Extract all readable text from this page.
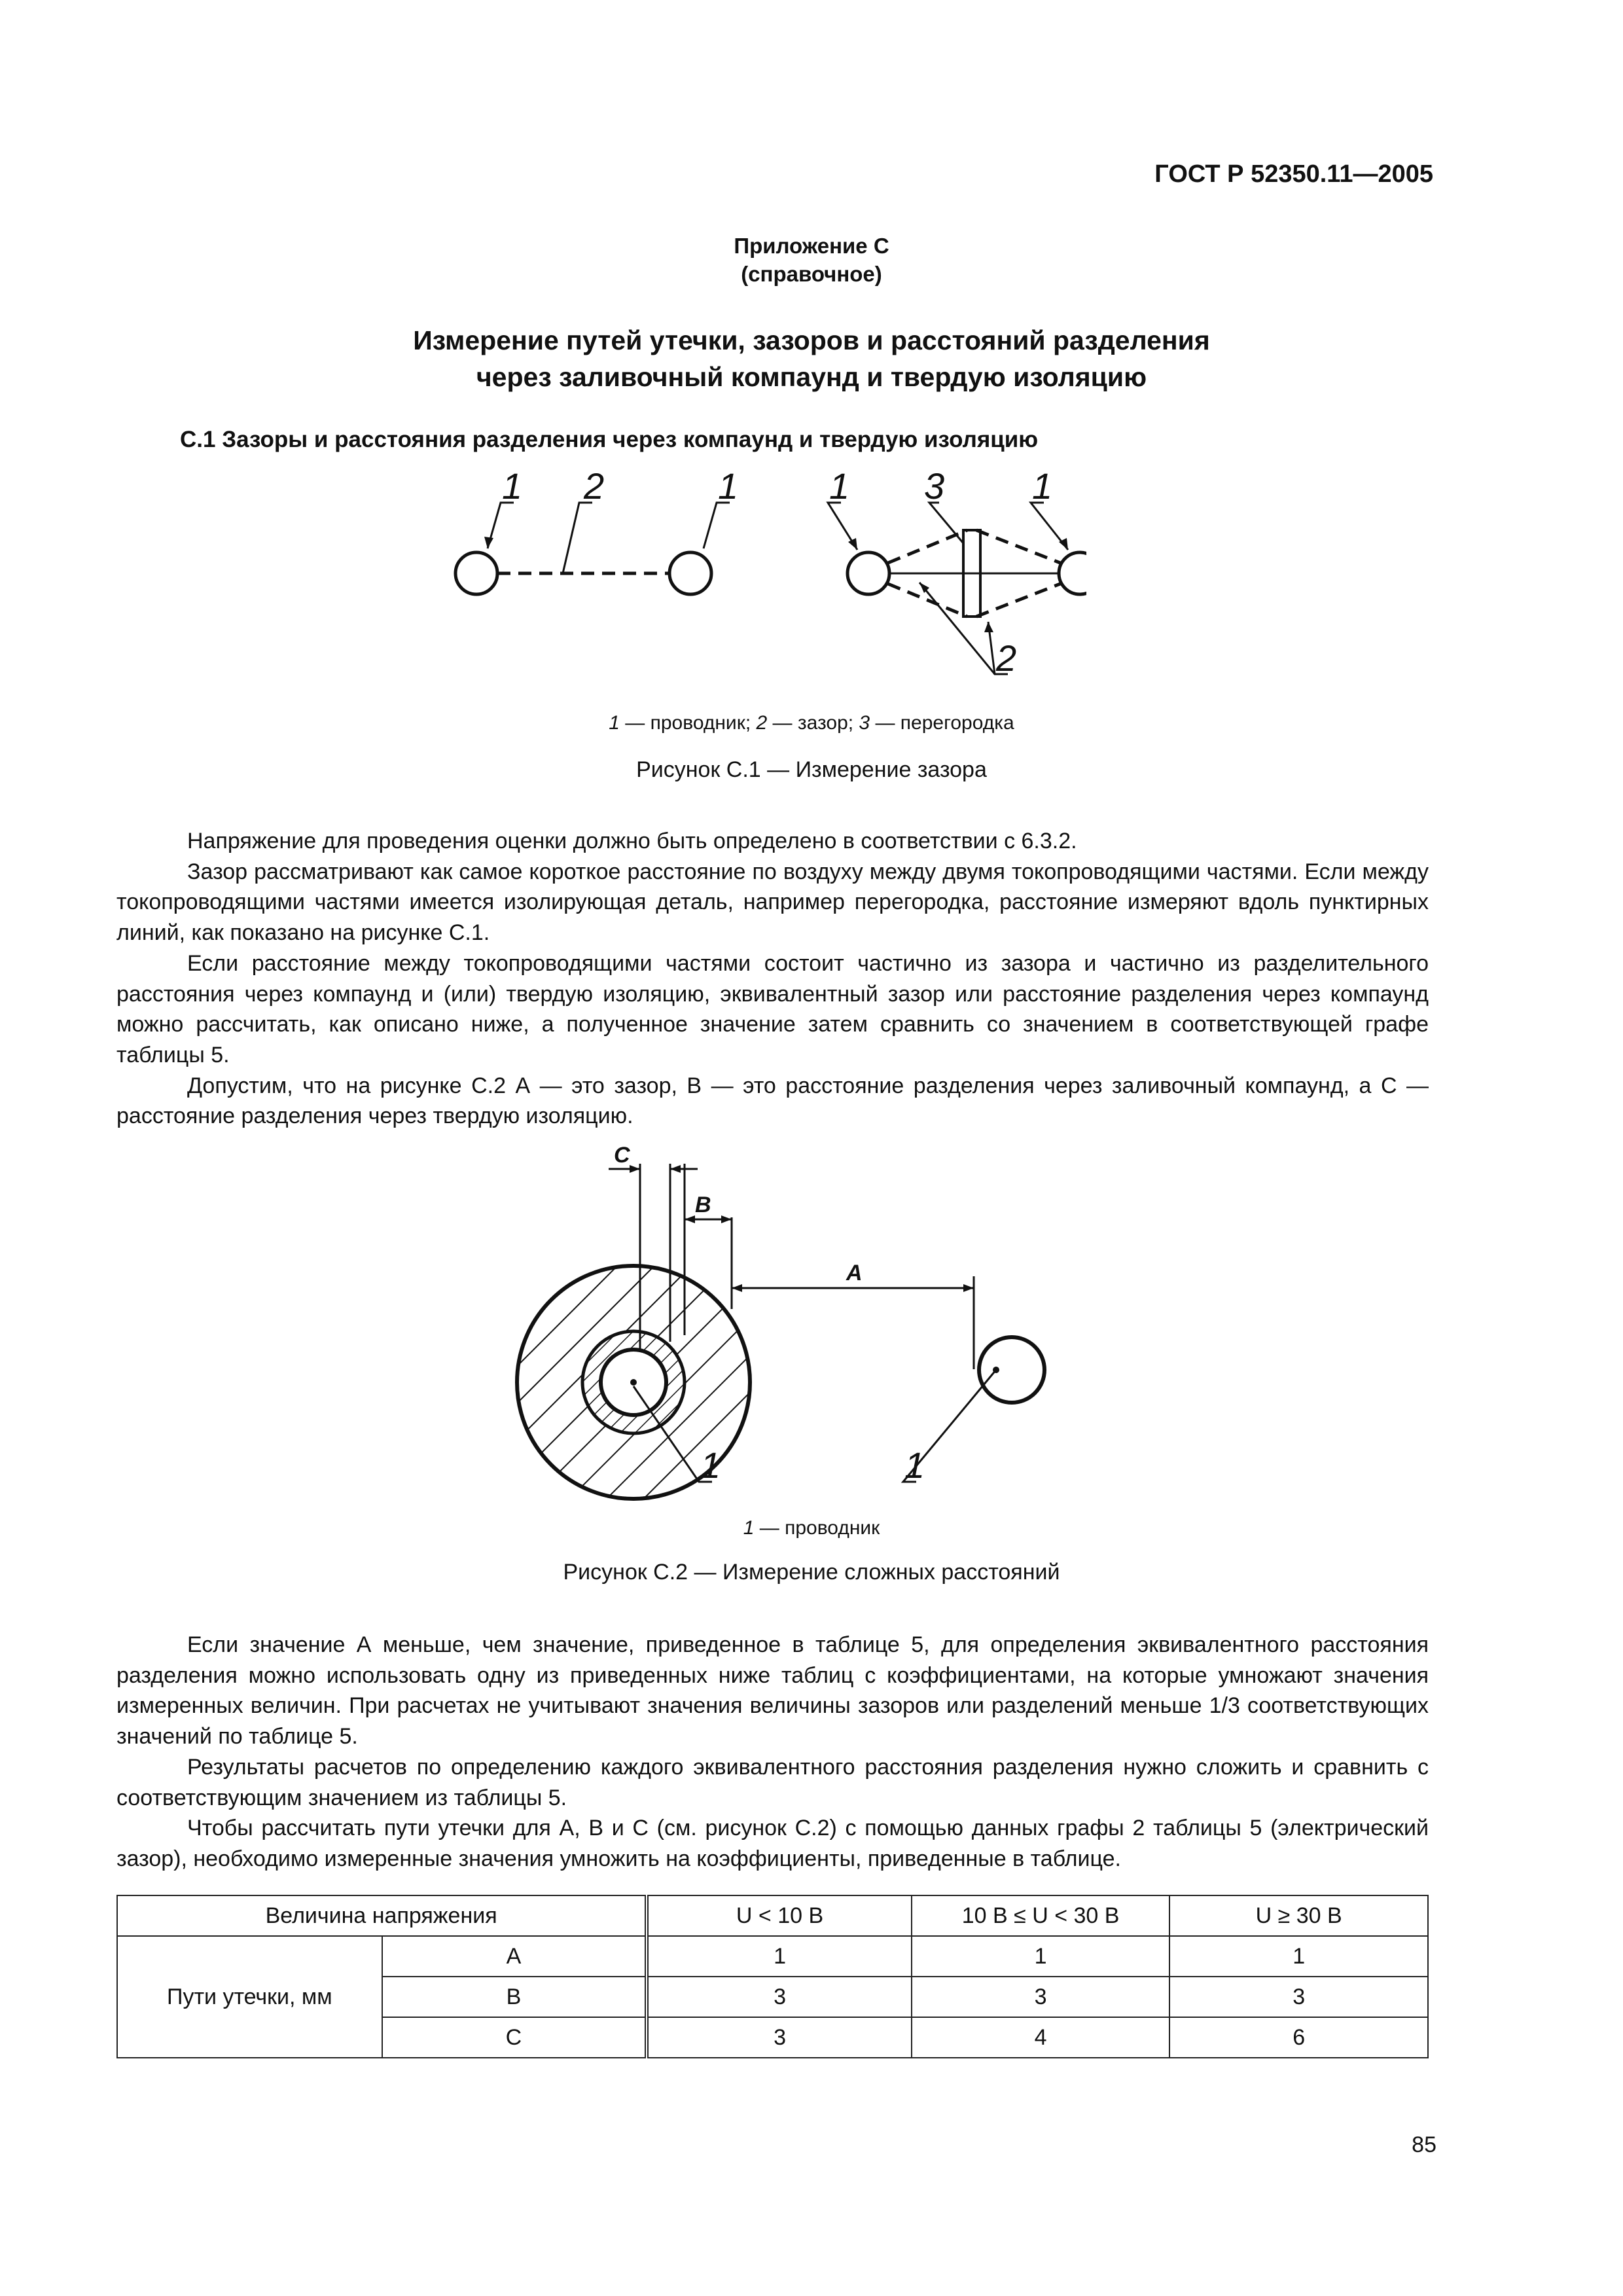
ГОСТ Р 52350.11—2005
Приложение С
(справочное)
Измерение путей утечки, зазоров и расстояний разделения
через заливочный компаунд и твердую изоляцию
С.1 Зазоры и расстояния разделения через компаунд и твердую изоляцию
1 2	1 1 3 1
2
1 — проводник; 2 — зазор; 3 — перегородка
Рисунок С.1 — Измерение зазора

Напряжение для проведения оценки должно быть определено в соответствии с 6.3.2.

Зазор рассматривают как самое короткое расстояние по воздуху между двумя токопроводящими частями. Если между токопроводящими частями имеется изолирующая деталь, например перегородка, расстояние измеряют вдоль пунктирных линий, как показано на рисунке С.1.

Если расстояние между токопроводящими частями состоит частично из зазора и частично из разделительного расстояния через компаунд и (или) твердую изоляцию, эквивалентный зазор или расстояние разделения через компаунд можно рассчитать, как описано ниже, а полученное значение затем сравнить со значением в соответствующей графе таблицы 5.

Допустим, что на рисунке С.2 А — это зазор, В — это расстояние разделения через заливочный компаунд, а С — расстояние разделения через твердую изоляцию.

C
B
A
1	1
1 — проводник
Рисунок С.2 — Измерение сложных расстояний

Если значение А меньше, чем значение, приведенное в таблице 5, для определения эквивалентного расстояния разделения можно использовать одну из приведенных ниже таблиц с коэффициентами, на которые умножают значения измеренных величин. При расчетах не учитывают значения величины зазоров или разделений меньше 1/3 соответствующих значений по таблице 5.

Результаты расчетов по определению каждого эквивалентного расстояния разделения нужно сложить и сравнить с соответствующим значением из таблицы 5.

Чтобы рассчитать пути утечки для А, В и С (см. рисунок С.2) с помощью данных графы 2 таблицы 5 (электрический зазор), необходимо измеренные значения умножить на коэффициенты, приведенные в таблице.

Величина напряжения		U < 10 В	10 В ≤ U < 30 В	U ≥ 30 В
Пути утечки, мм	А	1	1	1
	В	3	3	3
	С	3	4	6
85
